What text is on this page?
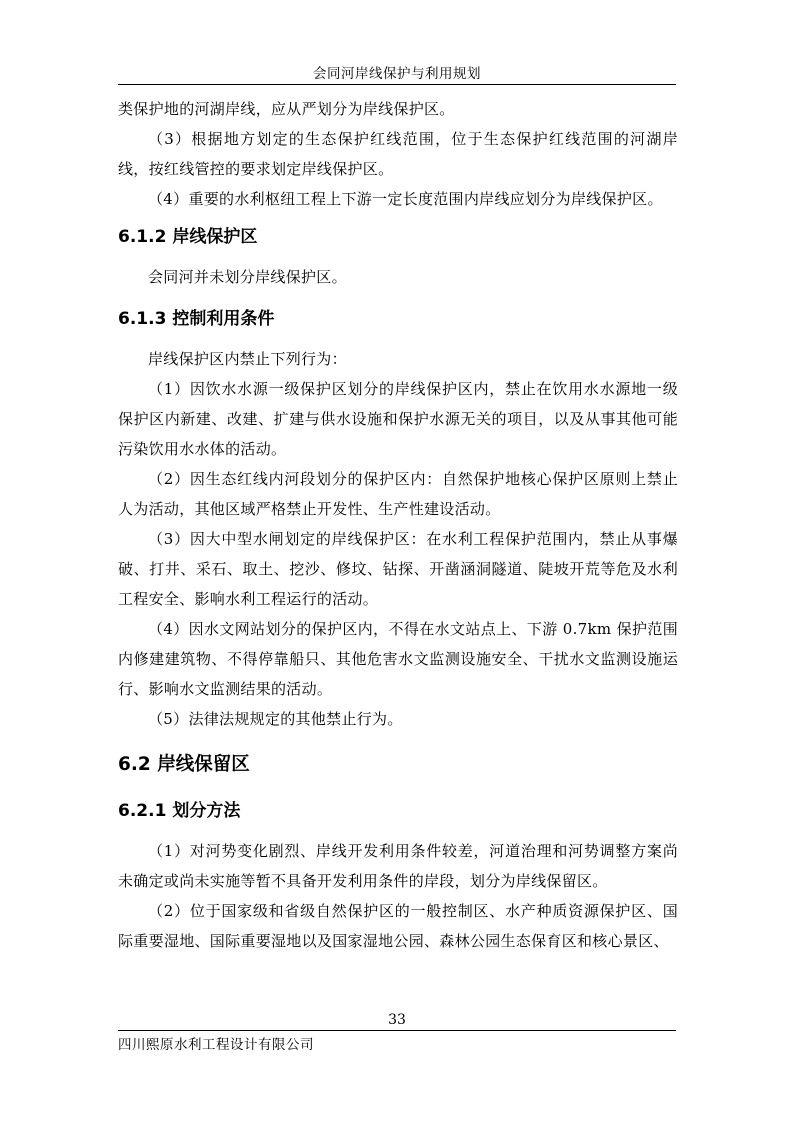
会同河岸线保护与利用规划

类保护地的河湖岸线，应从严划分为岸线保护区。

（3）根据地方划定的生态保护红线范围，位于生态保护红线范围的河湖岸线，按红线管控的要求划定岸线保护区。

（4）重要的水利枢纽工程上下游一定长度范围内岸线应划分为岸线保护区。

6.1.2 岸线保护区

会同河并未划分岸线保护区。

6.1.3 控制利用条件

岸线保护区内禁止下列行为：

（1）因饮水水源一级保护区划分的岸线保护区内，禁止在饮用水水源地一级保护区内新建、改建、扩建与供水设施和保护水源无关的项目，以及从事其他可能污染饮用水水体的活动。

（2）因生态红线内河段划分的保护区内：自然保护地核心保护区原则上禁止人为活动，其他区域严格禁止开发性、生产性建设活动。

（3）因大中型水闸划定的岸线保护区：在水利工程保护范围内，禁止从事爆破、打井、采石、取土、挖沙、修坟、钻探、开凿涵洞隧道、陡坡开荒等危及水利工程安全、影响水利工程运行的活动。

（4）因水文网站划分的保护区内，不得在水文站点上、下游 0.7km 保护范围内修建建筑物、不得停靠船只、其他危害水文监测设施安全、干扰水文监测设施运行、影响水文监测结果的活动。

（5）法律法规规定的其他禁止行为。

6.2 岸线保留区
6.2.1 划分方法

（1）对河势变化剧烈、岸线开发利用条件较差，河道治理和河势调整方案尚未确定或尚未实施等暂不具备开发利用条件的岸段，划分为岸线保留区。

（2）位于国家级和省级自然保护区的一般控制区、水产种质资源保护区、国际重要湿地、国际重要湿地以及国家湿地公园、森林公园生态保育区和核心景区、

33
四川熙原水利工程设计有限公司
